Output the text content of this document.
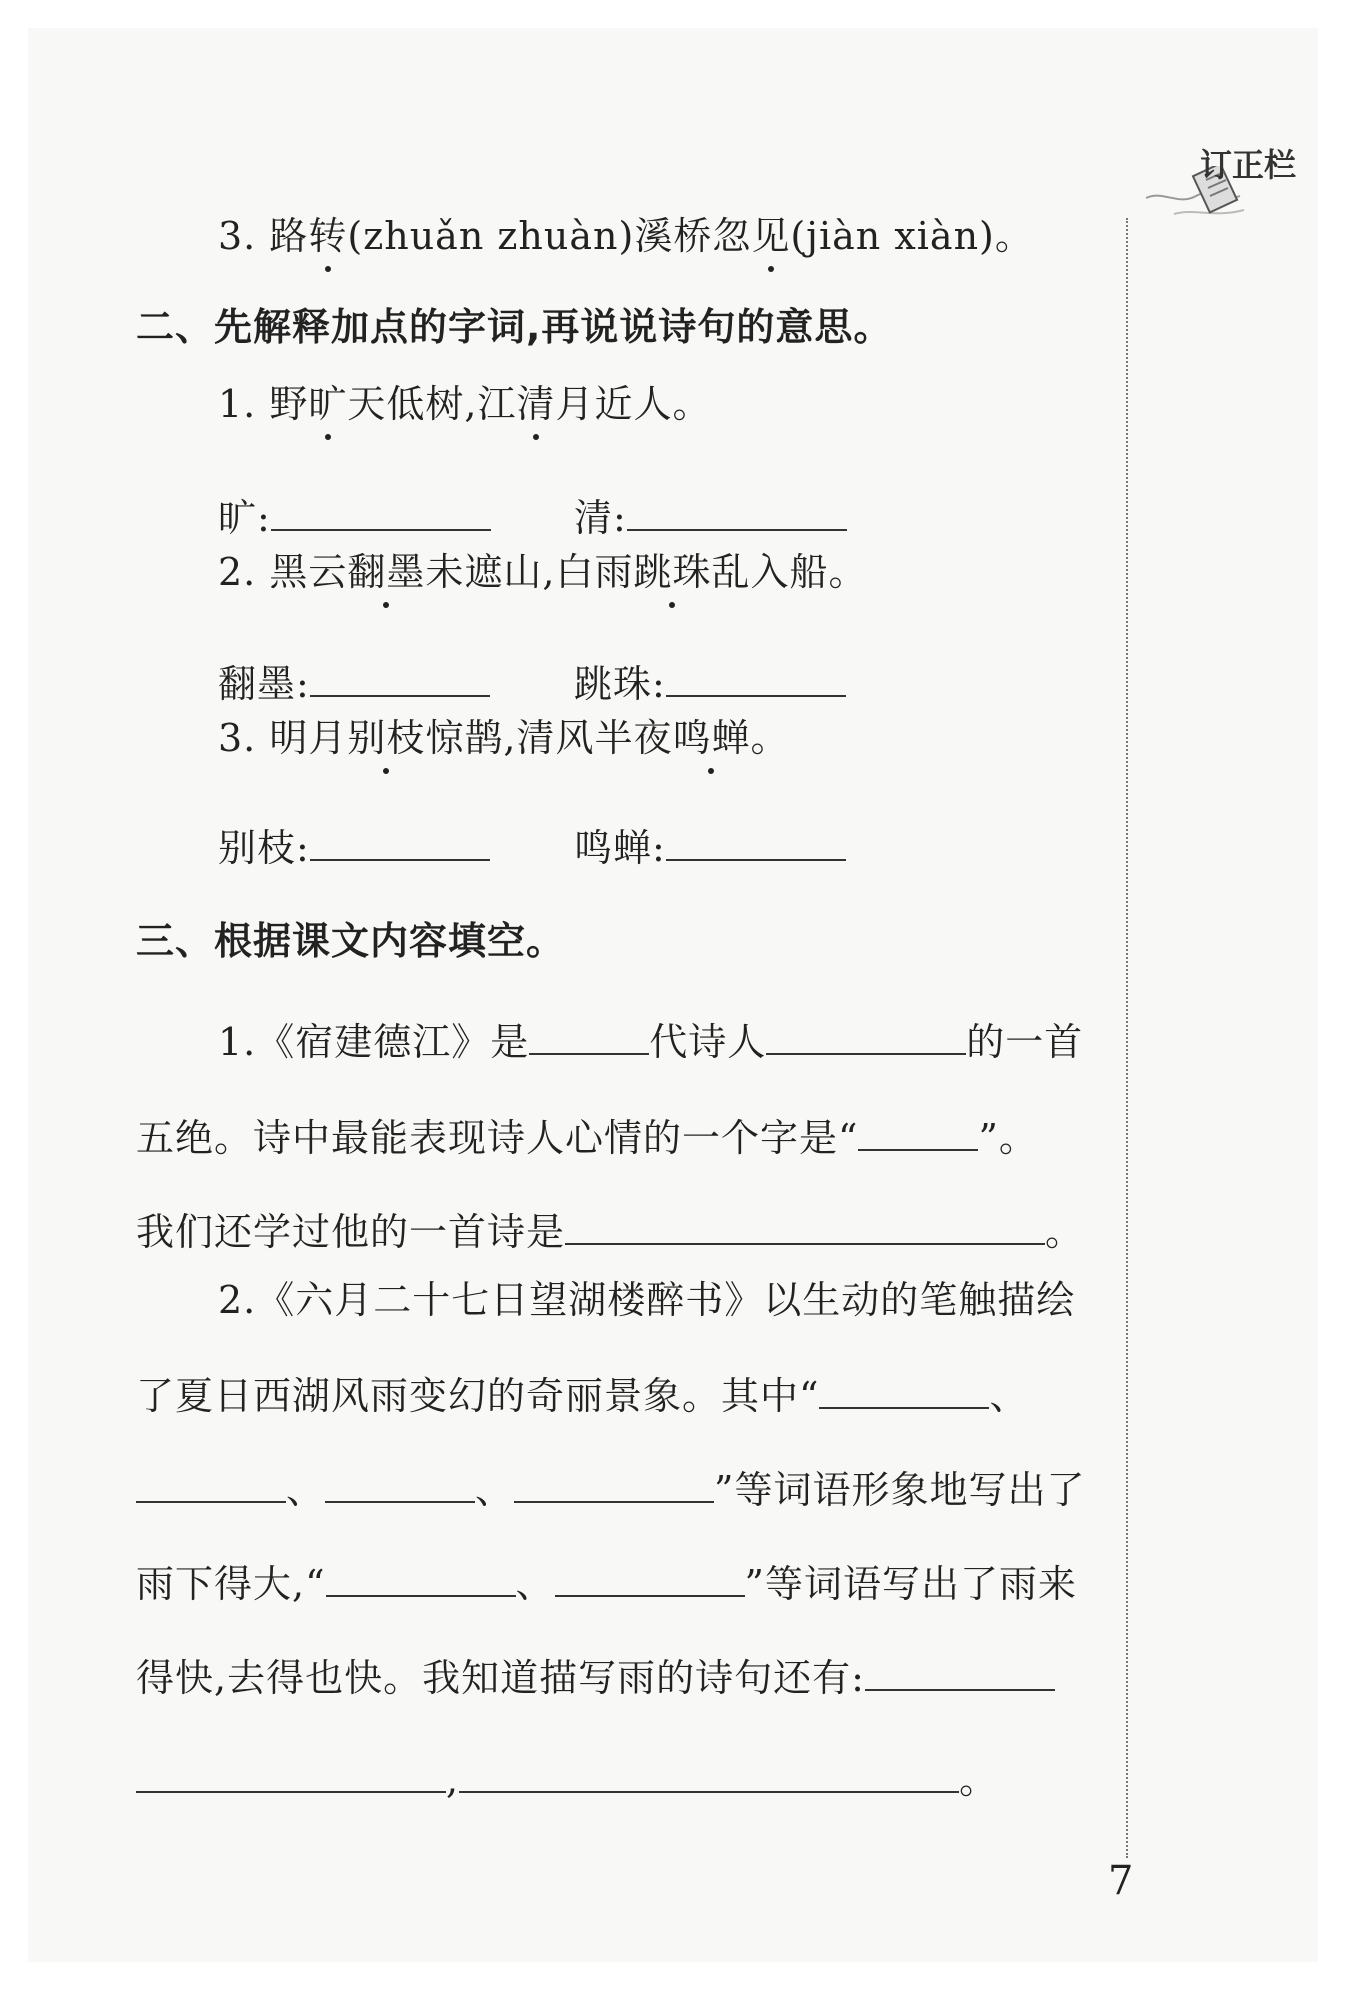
订正栏
3. 路转(zhuǎn zhuàn)溪桥忽见(jiàn xiàn)。
二、先解释加点的字词,再说说诗句的意思。
1. 野旷天低树,江清月近人。
旷:	清:
2. 黑云翻墨未遮山,白雨跳珠乱入船。
翻墨:	跳珠:
3. 明月别枝惊鹊,清风半夜鸣蝉。
别枝:	鸣蝉:
三、根据课文内容填空。
1.《宿建德江》是	代诗人	的一首
五绝。诗中最能表现诗人心情的一个字是“	”。
我们还学过他的一首诗是	。
2.《六月二十七日望湖楼醉书》以生动的笔触描绘
了夏日西湖风雨变幻的奇丽景象。其中“	、
、	、	”等词语形象地写出了
雨下得大,“	、	”等词语写出了雨来
得快,去得也快。我知道描写雨的诗句还有:
,	。
7
